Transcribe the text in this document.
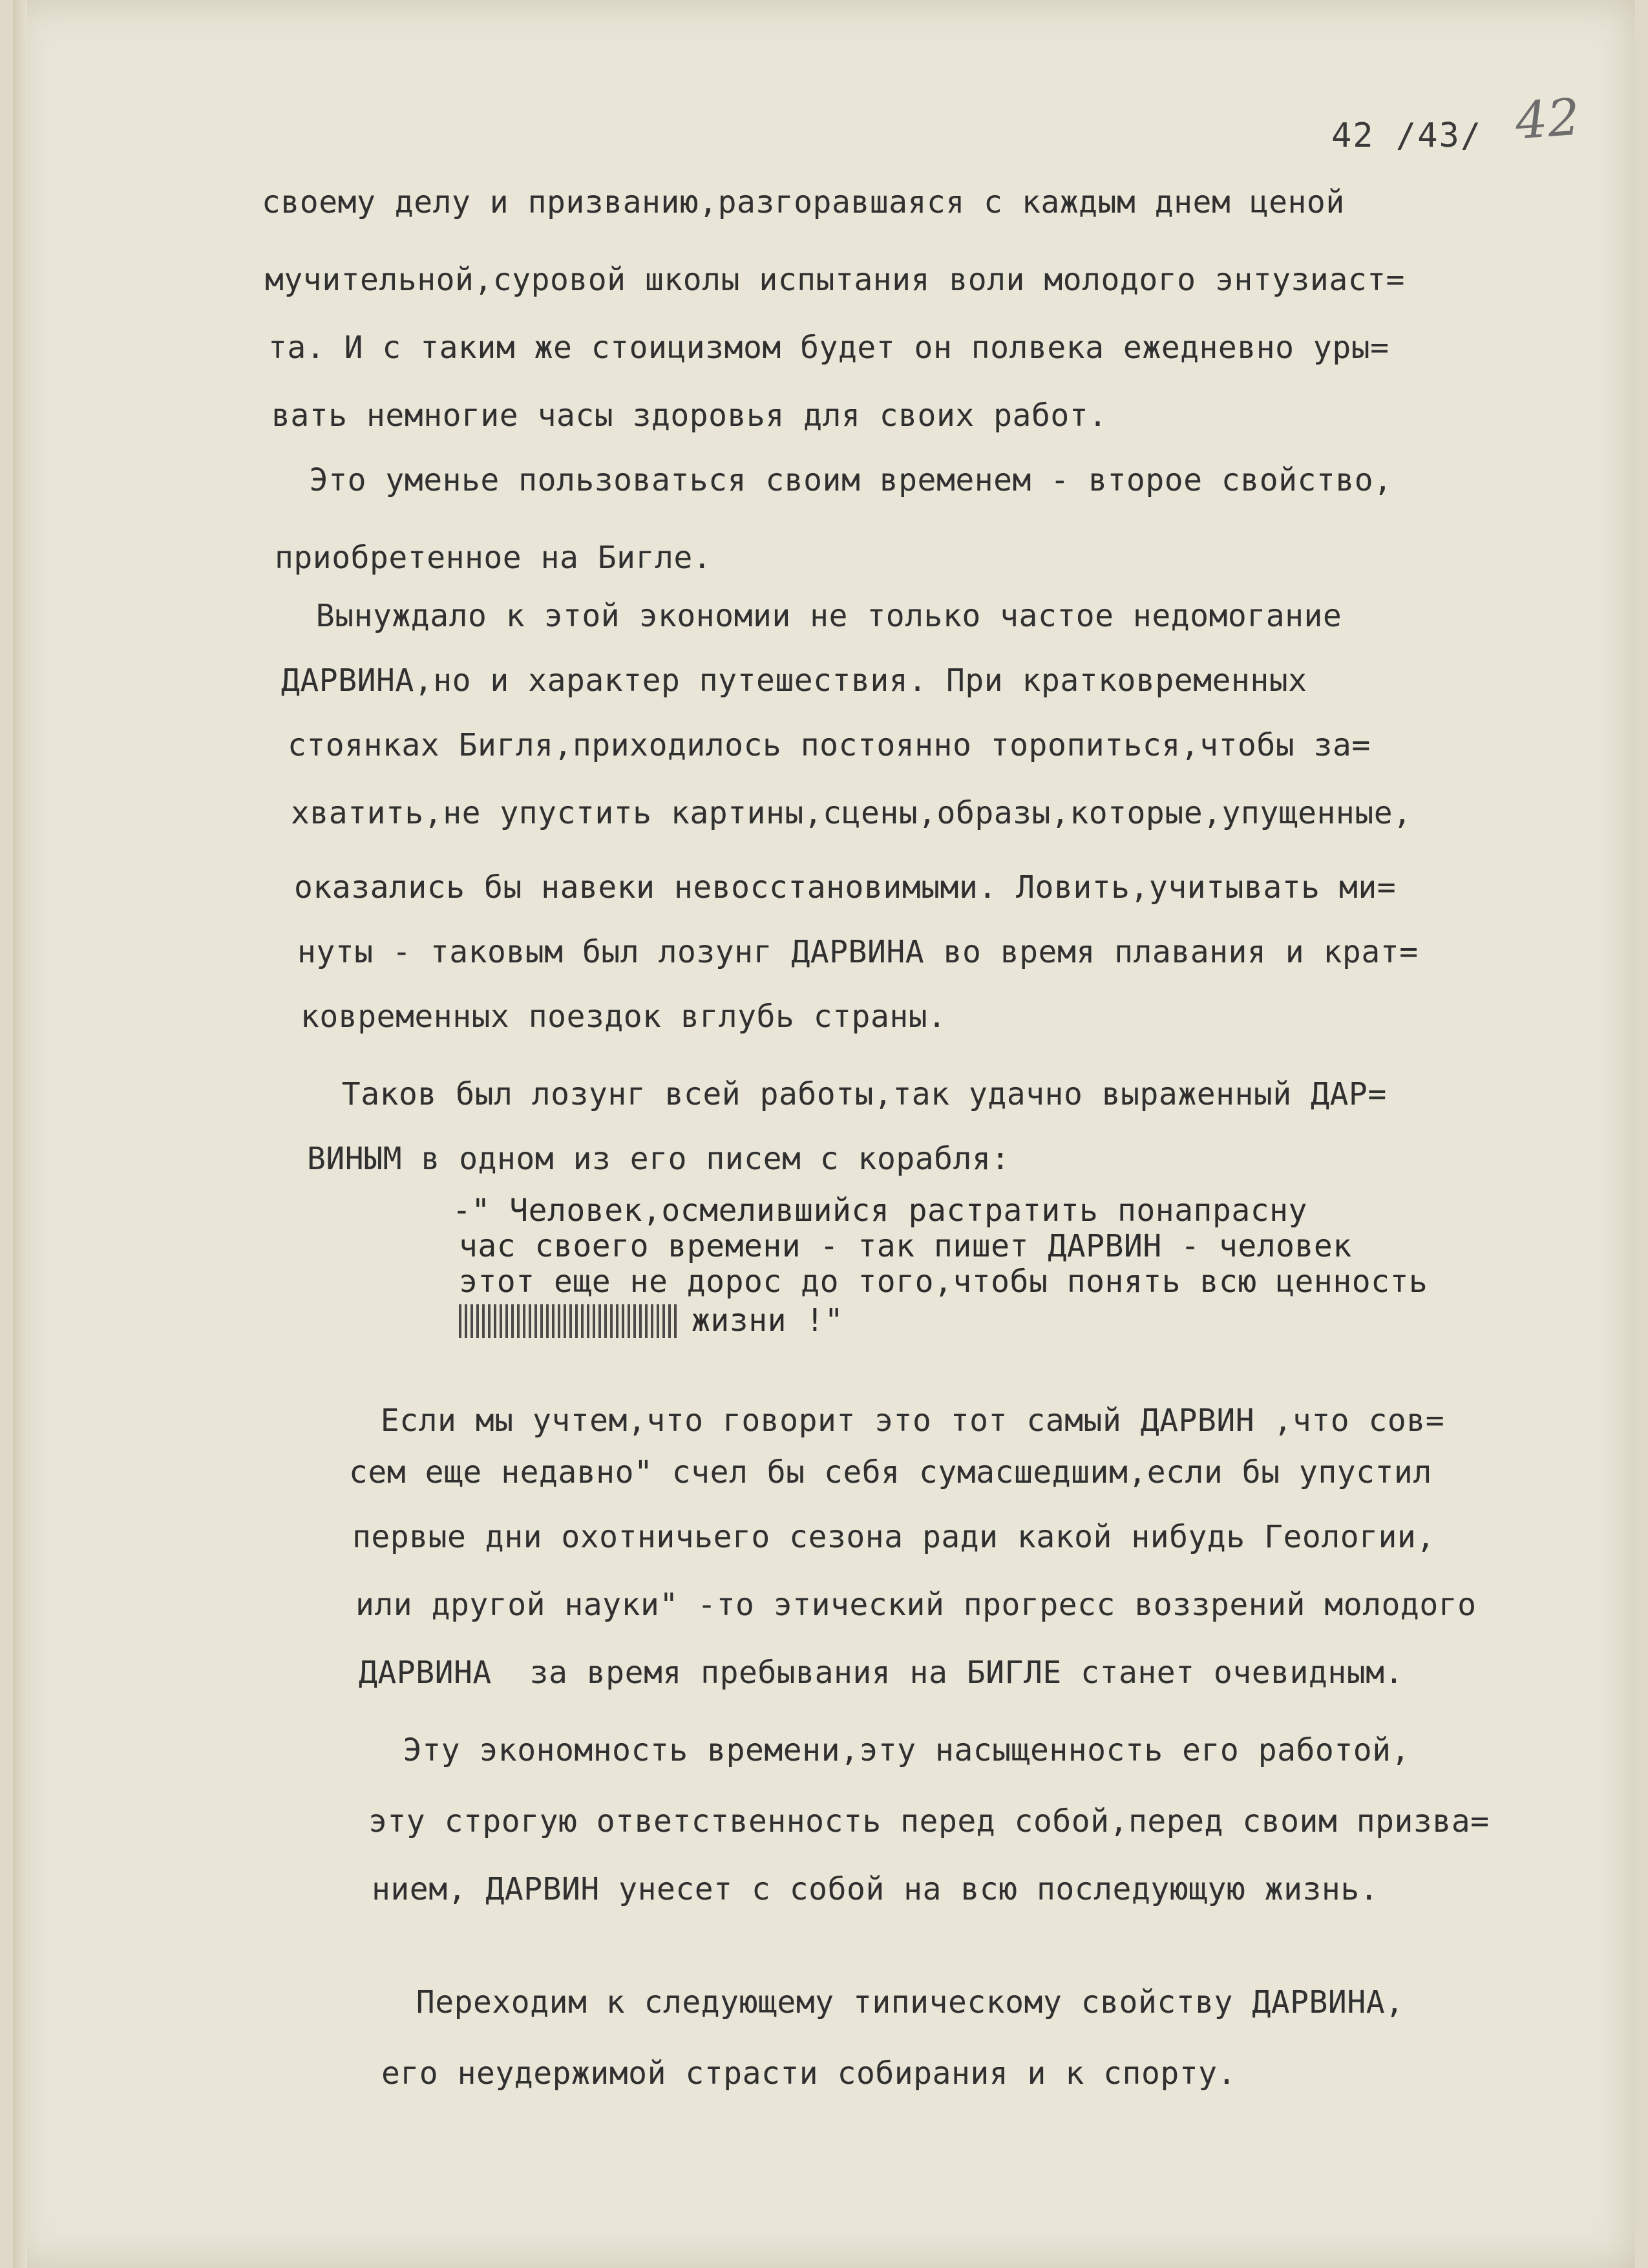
42 /43/ 42
своему делу и призванию,разгоравшаяся с каждым днем ценой
мучительной,суровой школы испытания воли молодого энтузиаст=
та. И с таким же стоицизмом будет он полвека ежедневно уры=
вать немногие часы здоровья для своих работ.
Это уменье пользоваться своим временем - второе свойство,
приобретенное на Бигле.
Вынуждало к этой экономии не только частое недомогание
ДАРВИНА,но и характер путешествия. При кратковременных
стоянках Бигля,приходилось постоянно торопиться,чтобы за=
хватить,не упустить картины,сцены,образы,которые,упущенные,
оказались бы навеки невосстановимыми. Ловить,учитывать ми=
нуты - таковым был лозунг ДАРВИНА во время плавания и крат=
ковременных поездок вглубь страны.
Таков был лозунг всей работы,так удачно выраженный ДАР=
ВИНЫМ в одном из его писем с корабля:
-" Человек,осмелившийся растратить понапрасну
час своего времени - так пишет ДАРВИН - человек
этот еще не дорос до того,чтобы понять всю ценность
жизни !"
Если мы учтем,что говорит это тот самый ДАРВИН ,что сов=
сем еще недавно" счел бы себя сумасшедшим,если бы упустил
первые дни охотничьего сезона ради какой нибудь Геологии,
или другой науки" -то этический прогресс воззрений молодого
ДАРВИНА  за время пребывания на БИГЛЕ станет очевидным.
Эту экономность времени,эту насыщенность его работой,
эту строгую ответственность перед собой,перед своим призва=
нием, ДАРВИН унесет с собой на всю последующую жизнь.
Переходим к следующему типическому свойству ДАРВИНА,
его неудержимой страсти собирания и к спорту.
